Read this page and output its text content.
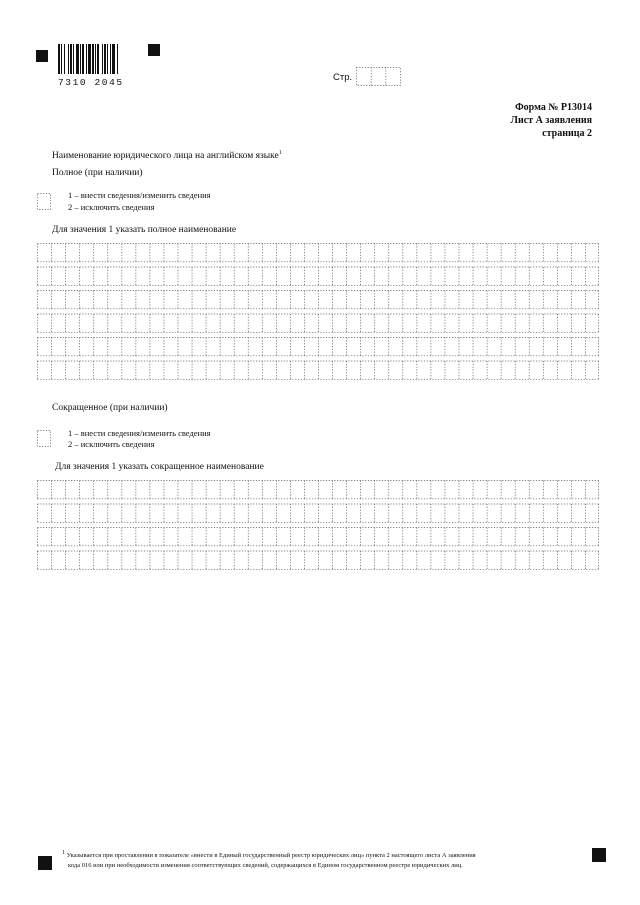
7310 2045	Стр.
Форма № Р13014
Лист А заявления
страница 2
Наименование юридического лица на английском языке$^1$
Полное (при наличии)
1 – внести сведения/изменить сведения
2 – исключить сведения
Для значения 1 указать полное наименование
Сокращенное (при наличии)
1 – внести сведения/изменить сведения
2 – исключить сведения
Для значения 1 указать сокращенное наименование
1 Указывается при проставлении в показателе «внести в Единый государственный реестр юридических лиц» пункта 2 настоящего листа А заявления
кода 016 или при необходимости изменения соответствующих сведений, содержащихся в Едином государственном реестре юридических лиц.
